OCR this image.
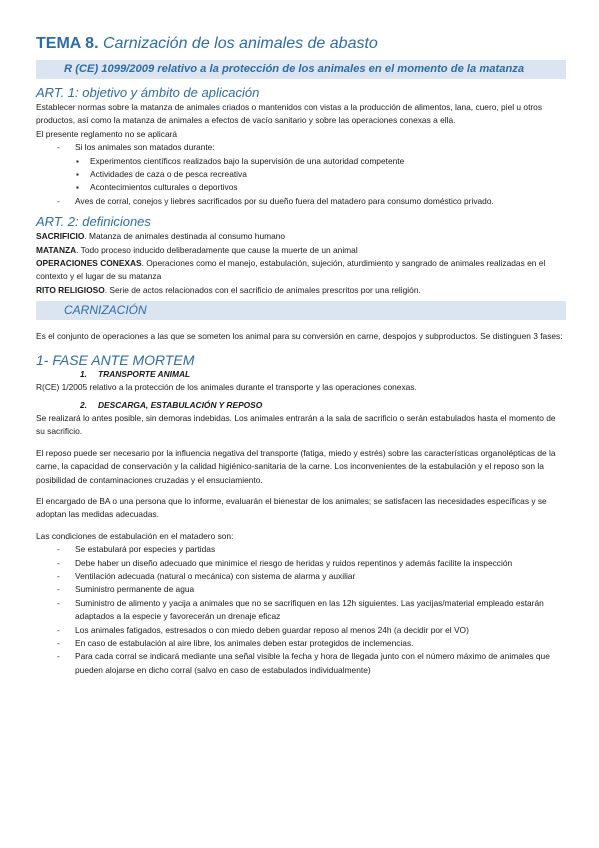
TEMA 8. Carnización de los animales de abasto
R (CE) 1099/2009 relativo a la protección de los animales en el momento de la matanza
ART. 1: objetivo y ámbito de aplicación

Establecer normas sobre la matanza de animales criados o mantenidos con vistas a la producción de alimentos, lana, cuero, piel u otros productos, así como la matanza de animales a efectos de vacío sanitario y sobre las operaciones conexas a ella.

El presente reglamento no se aplicará

- Si los animales son matados durante:
▪ Experimentos científicos realizados bajo la supervisión de una autoridad competente
▪ Actividades de caza o de pesca recreativa
▪ Acontecimientos culturales o deportivos
- Aves de corral, conejos y liebres sacrificados por su dueño fuera del matadero para consumo doméstico privado.
ART. 2: definiciones

SACRIFICIO. Matanza de animales destinada al consumo humano

MATANZA. Todo proceso inducido deliberadamente que cause la muerte de un animal

OPERACIONES CONEXAS. Operaciones como el manejo, estabulación, sujeción, aturdimiento y sangrado de animales realizadas en el contexto y el lugar de su matanza

RITO RELIGIOSO. Serie de actos relacionados con el sacrificio de animales prescritos por una religión.

CARNIZACIÓN

Es el conjunto de operaciones a las que se someten los animal para su conversión en carne, despojos y subproductos. Se distinguen 3 fases:

1- FASE ANTE MORTEM
1. TRANSPORTE ANIMAL

R(CE) 1/2005 relativo a la protección de los animales durante el transporte y las operaciones conexas.

2. DESCARGA, ESTABULACIÓN Y REPOSO

Se realizará lo antes posible, sin demoras indebidas. Los animales entrarán a la sala de sacrificio o serán estabulados hasta el momento de su sacrificio.

El reposo puede ser necesario por la influencia negativa del transporte (fatiga, miedo y estrés) sobre las características organolépticas de la carne, la capacidad de conservación y la calidad higiénico-sanitaria de la carne. Los inconvenientes de la estabulación y el reposo son la posibilidad de contaminaciones cruzadas y el ensuciamiento.

El encargado de BA o una persona que lo informe, evaluarán el bienestar de los animales; se satisfacen las necesidades específicas y se adoptan las medidas adecuadas.

Las condiciones de estabulación en el matadero son:

- Se estabulará por especies y partidas
- Debe haber un diseño adecuado que minimice el riesgo de heridas y ruidos repentinos y además facilite la inspección
- Ventilación adecuada (natural o mecánica) con sistema de alarma y auxiliar
- Suministro permanente de agua
- Suministro de alimento y yacija a animales que no se sacrifiquen en las 12h siguientes. Las yacijas/material empleado estarán adaptados a la especie y favorecerán un drenaje eficaz
- Los animales fatigados, estresados o con miedo deben guardar reposo al menos 24h (a decidir por el VO)
- En caso de estabulación al aire libre, los animales deben estar protegidos de inclemencias.
- Para cada corral se indicará mediante una señal visible la fecha y hora de llegada junto con el número máximo de animales que pueden alojarse en dicho corral (salvo en caso de estabulados individualmente)
